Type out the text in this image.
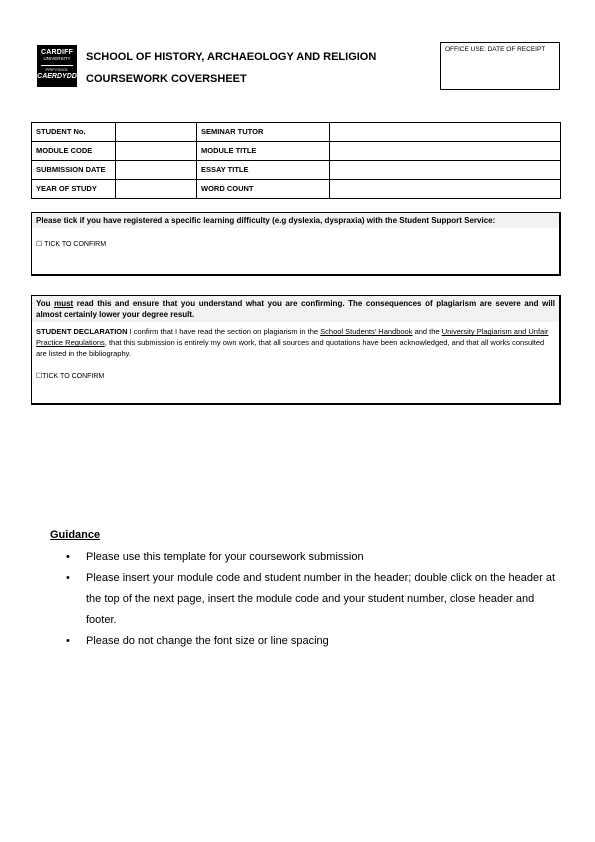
CARDIFF
UNIVERSITY
PRIFYSGOL
CAERDYDD
SCHOOL OF HISTORY, ARCHAEOLOGY AND RELIGION
COURSEWORK COVERSHEET
OFFICE USE: DATE OF RECEIPT
STUDENT No.		SEMINAR TUTOR	
MODULE CODE		MODULE TITLE	
SUBMISSION DATE		ESSAY TITLE	
YEAR OF STUDY		WORD COUNT	
Please tick if you have registered a specific learning difficulty (e.g dyslexia, dyspraxia) with the Student Support Service:
☐ TICK TO CONFIRM
You must read this and ensure that you understand what you are confirming. The consequences of plagiarism are severe and will almost certainly lower your degree result.
STUDENT DECLARATION I confirm that I have read the section on plagiarism in the School Students' Handbook and the University Plagiarism and Unfair Practice Regulations, that this submission is entirely my own work, that all sources and quotations have been acknowledged, and that all works consulted are listed in the bibliography.
☐TICK TO CONFIRM
Guidance
• Please use this template for your coursework submission
• Please insert your module code and student number in the header; double click on the header at the top of the next page, insert the module code and your student number, close header and footer.
• Please do not change the font size or line spacing
